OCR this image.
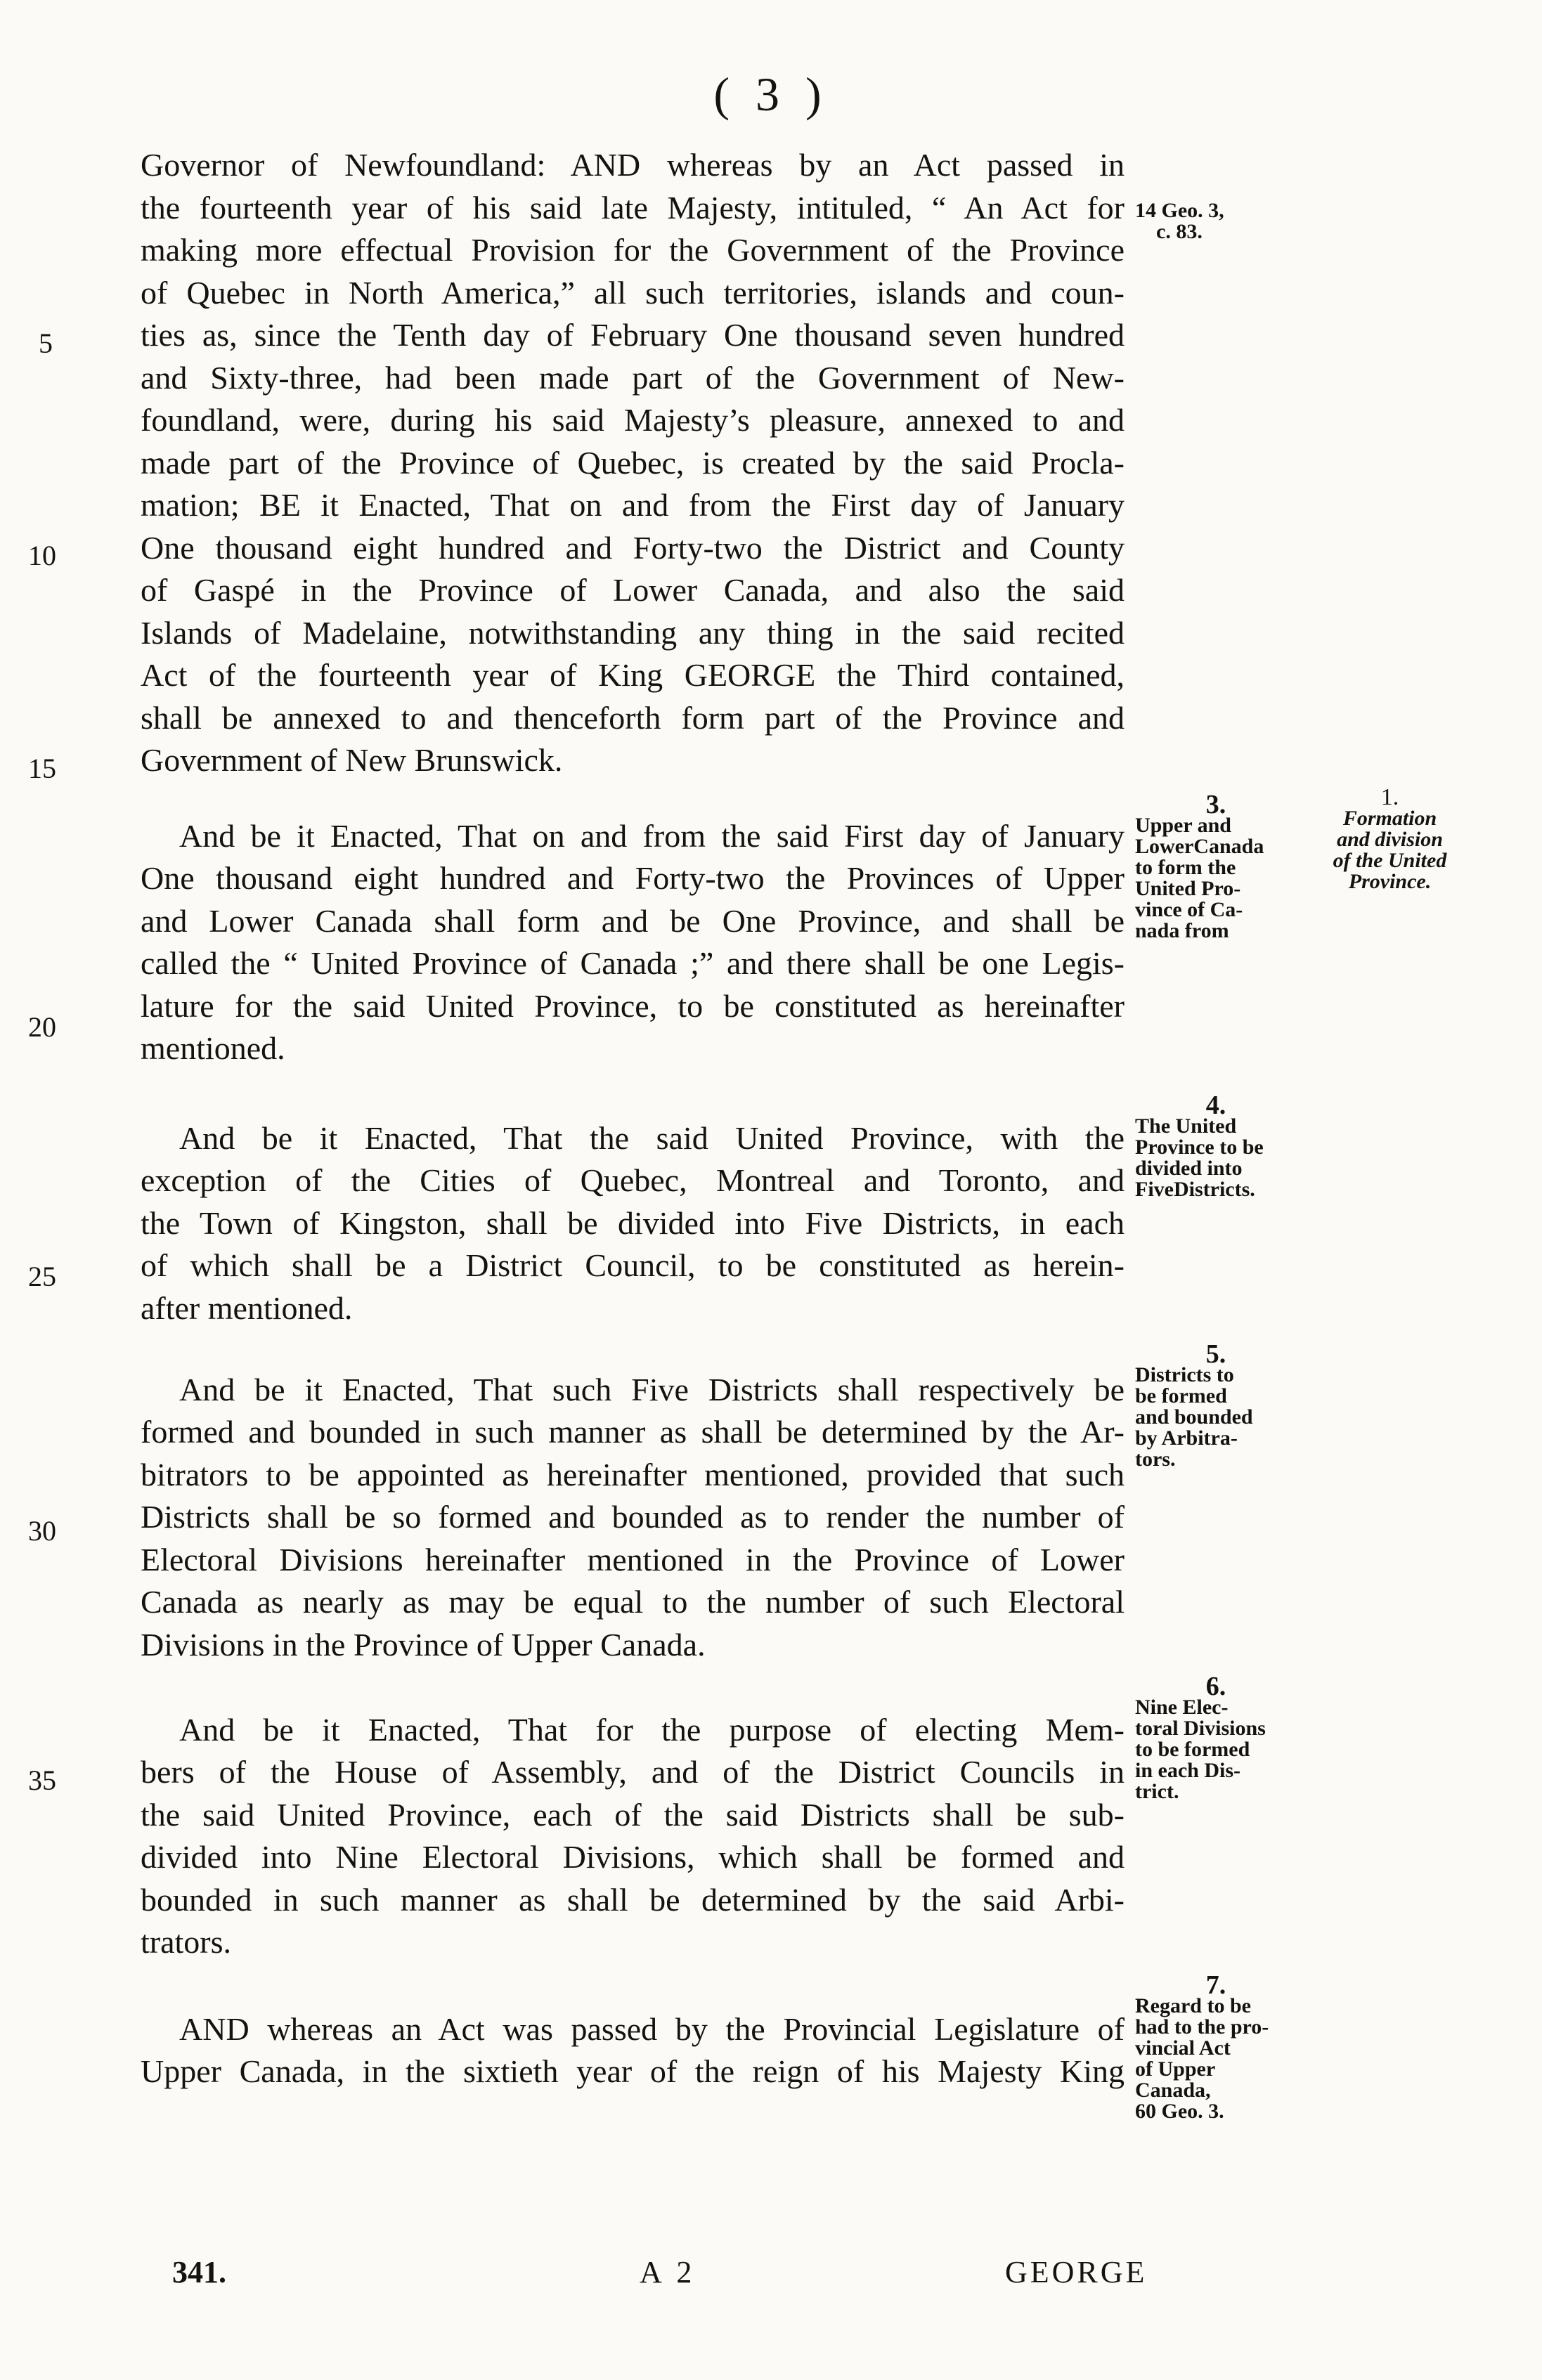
( 3 )
Governor of Newfoundland: AND whereas by an Act passed in
the fourteenth year of his said late Majesty, intituled, “ An Act for
making more effectual Provision for the Government of the Province
of Quebec in North America,” all such territories, islands and coun-
ties as, since the Tenth day of February One thousand seven hundred
and Sixty-three, had been made part of the Government of New-
foundland, were, during his said Majesty’s pleasure, annexed to and
made part of the Province of Quebec, is created by the said Procla-
mation; BE it Enacted, That on and from the First day of January
One thousand eight hundred and Forty-two the District and County
of Gaspé in the Province of Lower Canada, and also the said
Islands of Madelaine, notwithstanding any thing in the said recited
Act of the fourteenth year of King GEORGE the Third contained,
shall be annexed to and thenceforth form part of the Province and
Government of New Brunswick.
And be it Enacted, That on and from the said First day of January
One thousand eight hundred and Forty-two the Provinces of Upper
and Lower Canada shall form and be One Province, and shall be
called the “ United Province of Canada ;” and there shall be one Legis-
lature for the said United Province, to be constituted as hereinafter
mentioned.
And be it Enacted, That the said United Province, with the
exception of the Cities of Quebec, Montreal and Toronto, and
the Town of Kingston, shall be divided into Five Districts, in each
of which shall be a District Council, to be constituted as herein-
after mentioned.
And be it Enacted, That such Five Districts shall respectively be
formed and bounded in such manner as shall be determined by the Ar-
bitrators to be appointed as hereinafter mentioned, provided that such
Districts shall be so formed and bounded as to render the number of
Electoral Divisions hereinafter mentioned in the Province of Lower
Canada as nearly as may be equal to the number of such Electoral
Divisions in the Province of Upper Canada.
And be it Enacted, That for the purpose of electing Mem-
bers of the House of Assembly, and of the District Councils in
the said United Province, each of the said Districts shall be sub-
divided into Nine Electoral Divisions, which shall be formed and
bounded in such manner as shall be determined by the said Arbi-
trators.
AND whereas an Act was passed by the Provincial Legislature of
Upper Canada, in the sixtieth year of the reign of his Majesty King
5
10
15
20
25
30
35
14 Geo. 3,
c. 83.
3.
Upper and
LowerCanada
to form the
United Pro-
vince of Ca-
nada from
1.
Formation
and division
of the United
Province.
4.
The United
Province to be
divided into
FiveDistricts.
5.
Districts to
be formed
and bounded
by Arbitra-
tors.
6.
Nine Elec-
toral Divisions
to be formed
in each Dis-
trict.
7.
Regard to be
had to the pro-
vincial Act
of Upper
Canada,
60 Geo. 3.
341.	A 2	GEORGE
